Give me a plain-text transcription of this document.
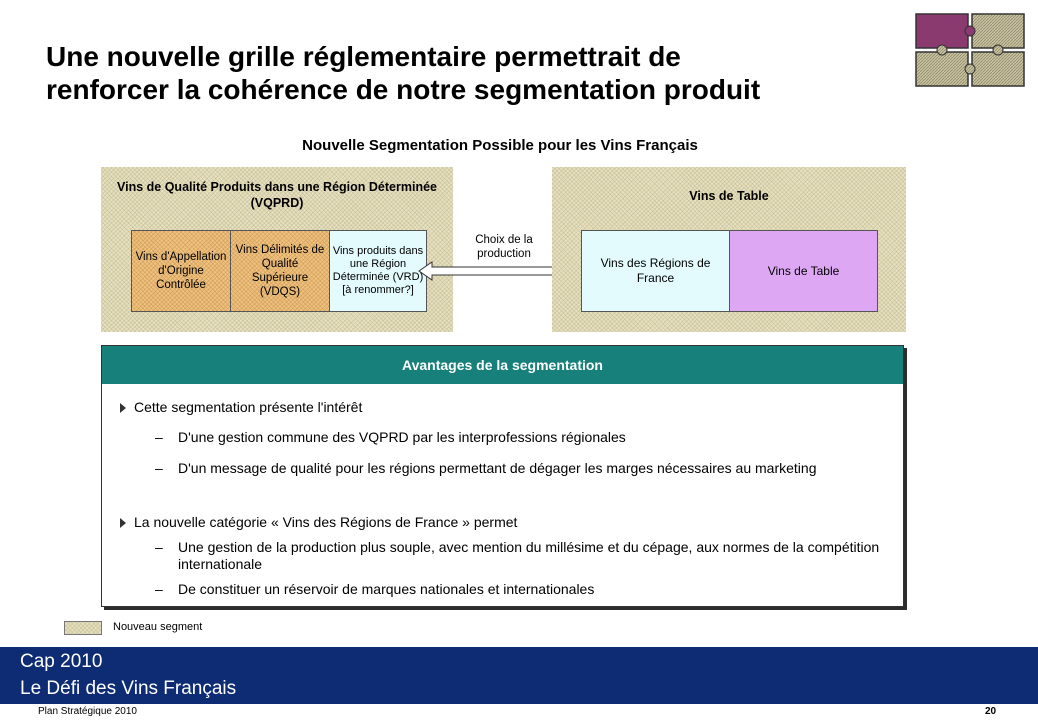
Une nouvelle grille réglementaire permettrait de
renforcer la cohérence de notre segmentation produit
Nouvelle Segmentation Possible pour les Vins Français
Vins de Qualité Produits dans une Région Déterminée (VQPRD)
Vins d'Appellation d'Origine Contrôlée
Vins Délimités de Qualité Supérieure (VDQS)
Vins produits dans une Région Déterminée (VRD) [à renommer?]
Choix de la production
Vins de Table
Vins des Régions de France	Vins de Table
Avantages de la segmentation
Cette segmentation présente l'intérêt
– D'une gestion commune des VQPRD par les interprofessions régionales
– D'un message de qualité pour les régions permettant de dégager les marges nécessaires au marketing
La nouvelle catégorie « Vins des Régions de France » permet
– Une gestion de la production plus souple, avec mention du millésime et du cépage, aux normes de la compétition internationale
– De constituer un réservoir de marques nationales et internationales
Nouveau segment
Cap 2010
Le Défi des Vins Français
Plan Stratégique 2010	20
